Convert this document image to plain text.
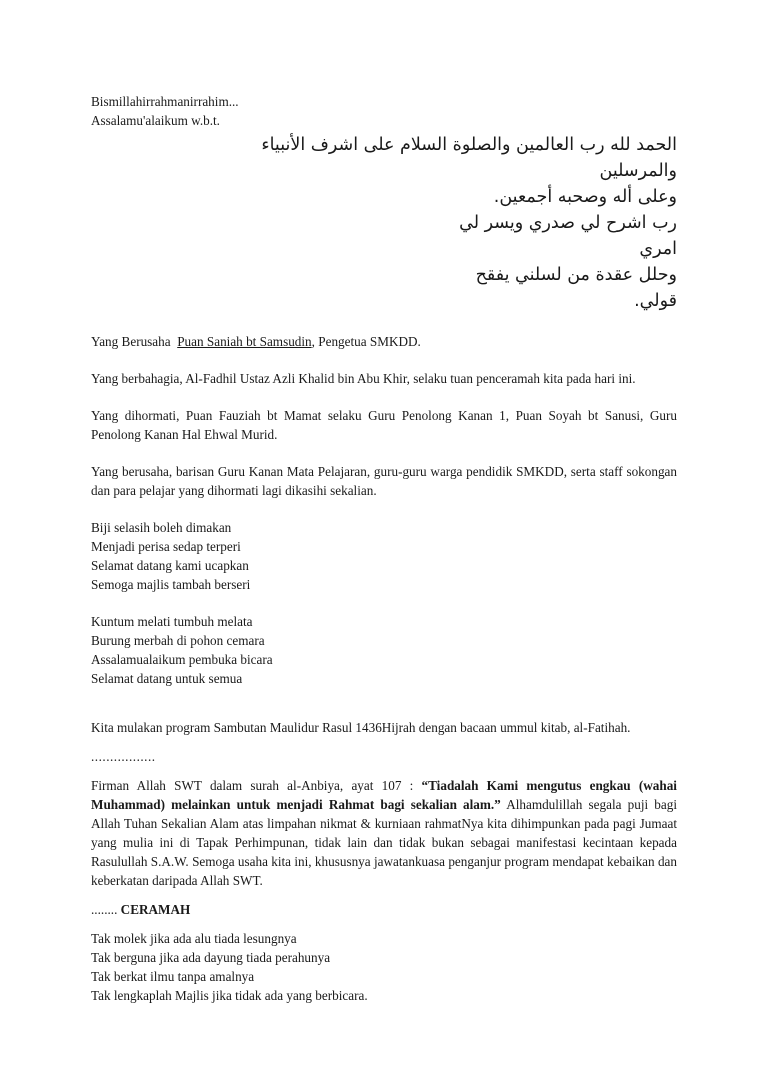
Bismillahirrahmanirrahim...

Assalamu'alaikum w.b.t.

الحمد لله رب العالمين والصلوة السلام على اشرف الأنبياء والمرسلين
وعلى أله وصحبه أجمعين.
رب اشرح لي صدري ويسر لي امري
وحلل عقدة من لسلني يفقح قولي.

Yang Berusaha  Puan Saniah bt Samsudin, Pengetua SMKDD.

Yang berbahagia, Al-Fadhil Ustaz Azli Khalid bin Abu Khir, selaku tuan penceramah kita pada hari ini.

Yang dihormati, Puan Fauziah bt Mamat selaku Guru Penolong Kanan 1, Puan Soyah bt Sanusi, Guru Penolong Kanan Hal Ehwal Murid.

Yang berusaha, barisan Guru Kanan Mata Pelajaran, guru-guru warga pendidik SMKDD, serta staff sokongan dan para pelajar yang dihormati lagi dikasihi sekalian.

Biji selasih boleh dimakan

Menjadi perisa sedap terperi

Selamat datang kami ucapkan

Semoga majlis tambah berseri

Kuntum melati tumbuh melata

Burung merbah di pohon cemara

Assalamualaikum pembuka bicara

Selamat datang untuk semua

Kita mulakan program Sambutan Maulidur Rasul 1436Hijrah dengan bacaan ummul kitab, al-Fatihah.

.................

Firman Allah SWT dalam surah al-Anbiya, ayat 107 : “Tiadalah Kami mengutus engkau (wahai Muhammad) melainkan untuk menjadi Rahmat bagi sekalian alam.” Alhamdulillah segala puji bagi Allah Tuhan Sekalian Alam atas limpahan nikmat & kurniaan rahmatNya kita dihimpunkan pada pagi Jumaat yang mulia ini di Tapak Perhimpunan, tidak lain dan tidak bukan sebagai manifestasi kecintaan kepada Rasulullah S.A.W. Semoga usaha kita ini, khususnya jawatankuasa penganjur program mendapat kebaikan dan keberkatan daripada Allah SWT.

........ CERAMAH

Tak molek jika ada alu tiada lesungnya

Tak berguna jika ada dayung tiada perahunya

Tak berkat ilmu tanpa amalnya

Tak lengkaplah Majlis jika tidak ada yang berbicara.
